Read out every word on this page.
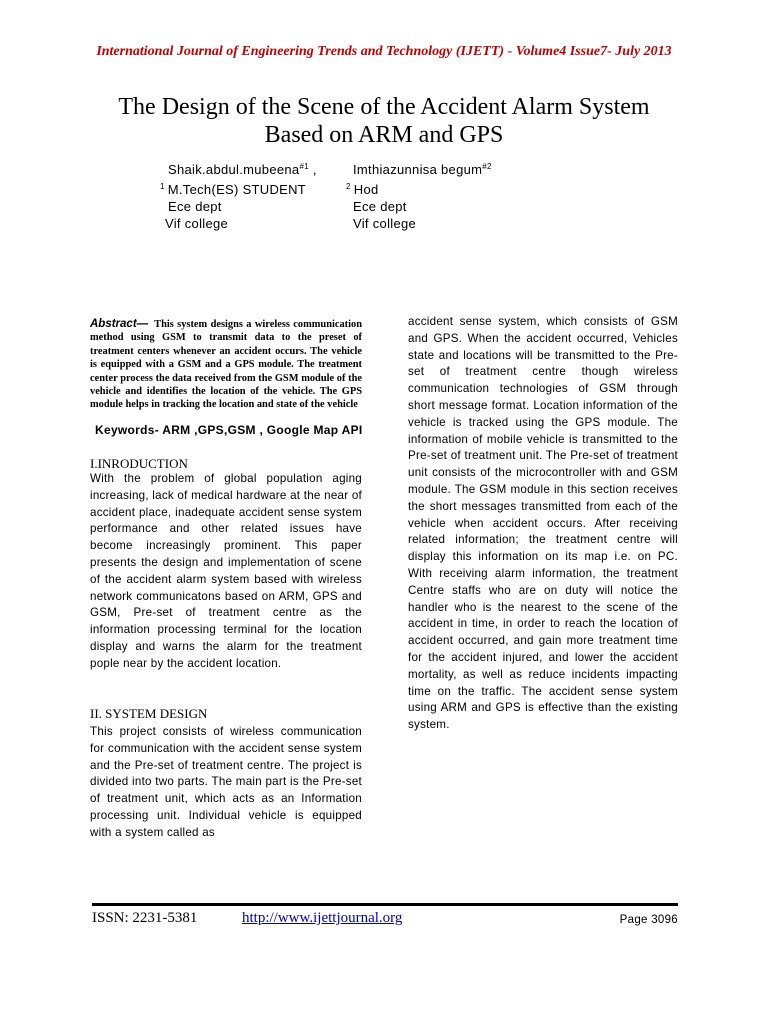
International Journal of Engineering Trends and Technology (IJETT) - Volume4 Issue7- July 2013
The Design of the Scene of the Accident Alarm System
Based on ARM and GPS
Shaik.abdul.mubeena$^{\#1}$ ,
$^1$ M.Tech(ES) STUDENT
Ece dept
Vif college
Imthiazunnisa begum$^{\#2}$
$^2$ Hod
Ece dept
Vif college
Abstract— This system designs a wireless communication method using GSM to transmit data to the preset of treatment centers whenever an accident occurs. The vehicle is equipped with a GSM and a GPS module. The treatment center process the data received from the GSM module of the vehicle and identifies the location of the vehicle. The GPS module helps in tracking the location and state of the vehicle
Keywords- ARM ,GPS,GSM , Google Map API
I.INRODUCTION
With the problem of global population aging increasing, lack of medical hardware at the near of accident place, inadequate accident sense system performance and other related issues have become increasingly prominent. This paper presents the design and implementation of scene of the accident alarm system based with wireless network communicatons based on ARM, GPS and GSM, Pre-set of treatment centre as the information processing terminal for the location display and warns the alarm for the treatment pople near by the accident location.
II. SYSTEM DESIGN
This project consists of wireless communication for communication with the accident sense system and the Pre-set of treatment centre. The project is divided into two parts. The main part is the Pre-set of treatment unit, which acts as an Information processing unit. Individual vehicle is equipped with a system called as
accident sense system, which consists of GSM and GPS. When the accident occurred, Vehicles state and locations will be transmitted to the Pre-set of treatment centre though wireless communication technologies of GSM through short message format. Location information of the vehicle is tracked using the GPS module. The information of mobile vehicle is transmitted to the Pre-set of treatment unit. The Pre-set of treatment unit consists of the microcontroller with and GSM module. The GSM module in this section receives the short messages transmitted from each of the vehicle when accident occurs. After receiving related information; the treatment centre will display this information on its map i.e. on PC. With receiving alarm information, the treatment Centre staffs who are on duty will notice the handler who is the nearest to the scene of the accident in time, in order to reach the location of accident occurred, and gain more treatment time for the accident injured, and lower the accident mortality, as well as reduce incidents impacting time on the traffic. The accident sense system using ARM and GPS is effective than the existing system.
ISSN: 2231-5381	http://www.ijettjournal.org	Page 3096
